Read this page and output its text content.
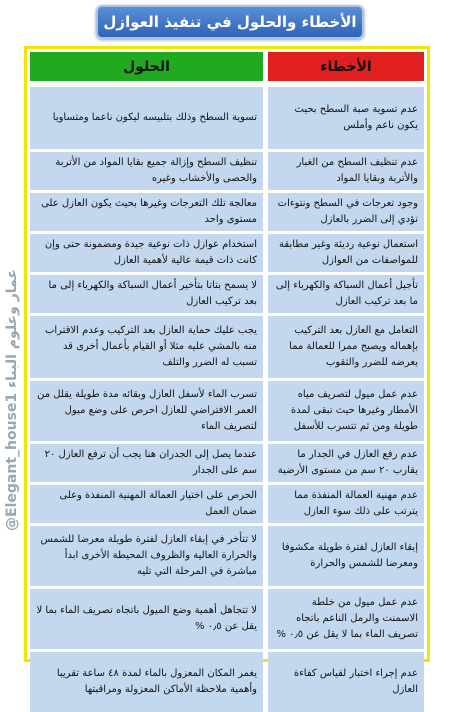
الأخطاء والحلول في تنفيذ العوازل
@Elegant_house1 عمار وعلوم البناء
الحلول	الأخطاء
تسوية السطح وذلك بتلبيسه ليكون ناعما ومتساويا
عدم تسوية صبة السطح بحيث يكون ناعم وأملس
تنظيف السطح وإزالة جميع بقايا المواد من الأتربة والحصى والأخشاب وغيره
عدم تنظيف السطح من الغبار والأتربة وبقايا المواد
معالجة تلك التعرجات وغيرها بحيث يكون العازل على مستوى واحد
وجود تعرجات في السطح ونتوءات تؤدي إلى الضرر بالعازل
استخدام عوازل ذات نوعية جيدة ومضمونة حتى وإن كانت ذات قيمة عالية لأهمية العازل
استعمال نوعية رديئة وغير مطابقة للمواصفات من العوازل
لا يسمح بتاتا بتأخير أعمال السباكة والكهرباء إلى ما بعد تركيب العازل
تأجيل أعمال السباكة والكهرباء إلى ما بعد تركيب العازل
يجب عليك حماية العازل بعد التركيب وعدم الاقتراب منه بالمشي عليه مثلا أو القيام بأعمال أخرى قد تسبب له الضرر والتلف
التعامل مع العازل بعد التركيب بإهماله ويصبح ممرا للعمالة مما يعرضه للضرر والثقوب
تسرب الماء لأسفل العازل وبقائه مدة طويلة يقلل من العمر الافتراضي للعازل احرص على وضع ميول لتصريف الماء
عدم عمل ميول لتصريف مياه الأمطار وغيرها حيث تبقى لمدة طويلة ومن ثم تتسرب للأسفل
عندما يصل إلى الجدران هنا يجب أن ترفع العازل ٢٠ سم على الجدار
عدم رفع العازل في الجدار ما يقارب ٢٠ سم من مستوى الأرضية
الحرص على اختيار العمالة المهنية المنفذة وعلى ضمان العمل
عدم مهنية العمالة المنفذة مما يترتب على ذلك سوء العازل
لا تتأخر في إبقاء العازل لفترة طويلة معرضا للشمس والحرارة العالية والظروف المحيطة الأخرى ابدأ مباشرة في المرحلة التي تليه
إبقاء العازل لفترة طويلة مكشوفا ومعرضا للشمس والحرارة
لا تتجاهل أهمية وضع الميول باتجاه تصريف الماء بما لا يقل عن ٠٫٥ %
عدم عمل ميول من خلطة الاسمنت والرمل الناعم باتجاه تصريف الماء بما لا يقل عن ٠٫٥ %
يغمر المكان المعزول بالماء لمدة ٤٨ ساعة تقريبا وأهمية ملاحظة الأماكن المعزولة ومراقبتها
عدم إجراء اختبار لقياس كفاءة العازل
